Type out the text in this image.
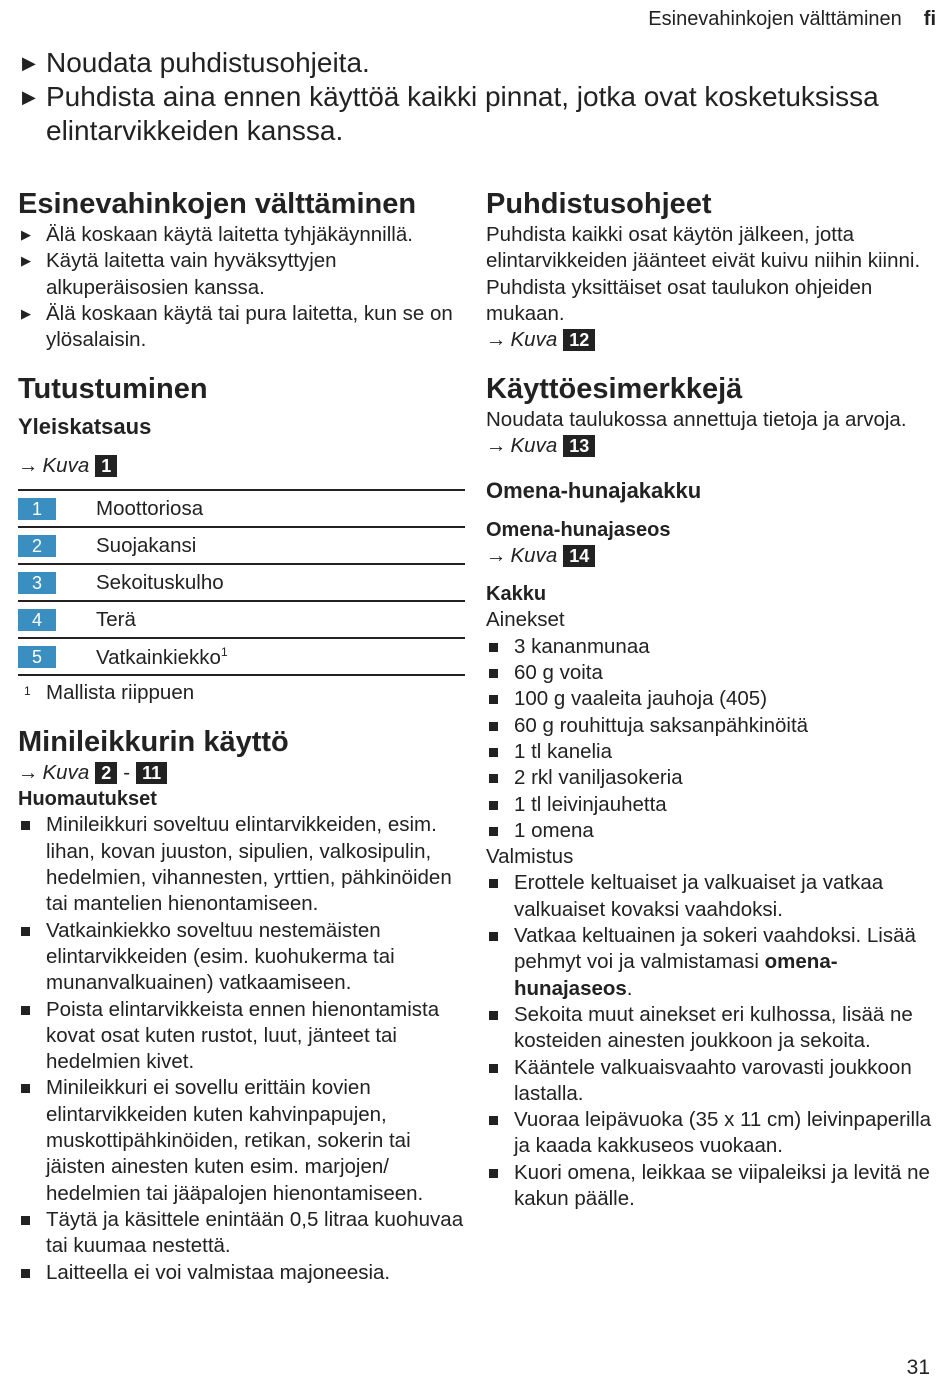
Esinevahinkojen välttäminen fi
▶ Noudata puhdistusohjeita.
▶ Puhdista aina ennen käyttöä kaikki pinnat, jotka ovat kosketuksissa elintarvikkeiden kanssa.
Esinevahinkojen välttäminen
▶ Älä koskaan käytä laitetta tyhjäkäynnillä.
▶ Käytä laitetta vain hyväksyttyjen alkuperäisosien kanssa.
▶ Älä koskaan käytä tai pura laitetta, kun se on ylösalaisin.
Tutustuminen
Yleiskatsaus
→ Kuva 1
1	Moottoriosa
2	Suojakansi
3	Sekoituskulho
4	Terä
5	Vatkainkiekko$^1$
1 Mallista riippuen
Minileikkurin käyttö
→ Kuva 2 - 11
Huomautukset
Minileikkuri soveltuu elintarvikkeiden, esim. lihan, kovan juuston, sipulien, valkosipulin, hedelmien, vihannesten, yrttien, pähkinöiden tai mantelien hienontamiseen.
Vatkainkiekko soveltuu nestemäisten elintarvikkeiden (esim. kuohukerma tai munanvalkuainen) vatkaamiseen.
Poista elintarvikkeista ennen hienontamista kovat osat kuten rustot, luut, jänteet tai hedelmien kivet.
Minileikkuri ei sovellu erittäin kovien elintarvikkeiden kuten kahvinpapujen, muskottipähkinöiden, retikan, sokerin tai jäisten ainesten kuten esim. marjojen/ hedelmien tai jääpalojen hienontamiseen.
Täytä ja käsittele enintään 0,5 litraa kuohuvaa tai kuumaa nestettä.
Laitteella ei voi valmistaa majoneesia.
Puhdistusohjeet

Puhdista kaikki osat käytön jälkeen, jotta elintarvikkeiden jäänteet eivät kuivu niihin kiinni.

Puhdista yksittäiset osat taulukon ohjeiden mukaan.

→ Kuva 12
Käyttöesimerkkejä

Noudata taulukossa annettuja tietoja ja arvoja.

→ Kuva 13
Omena-hunajakakku
Omena-hunajaseos
→ Kuva 14
Kakku

Ainekset

3 kananmunaa
60 g voita
100 g vaaleita jauhoja (405)
60 g rouhittuja saksanpähkinöitä
1 tl kanelia
2 rkl vaniljasokeria
1 tl leivinjauhetta
1 omena

Valmistus

Erottele keltuaiset ja valkuaiset ja vatkaa valkuaiset kovaksi vaahdoksi.
Vatkaa keltuainen ja sokeri vaahdoksi. Lisää pehmyt voi ja valmistamasi omena-hunajaseos.
Sekoita muut ainekset eri kulhossa, lisää ne kosteiden ainesten joukkoon ja sekoita.
Kääntele valkuaisvaahto varovasti joukkoon lastalla.
Vuoraa leipävuoka (35 x 11 cm) leivinpaperilla ja kaada kakkuseos vuokaan.
Kuori omena, leikkaa se viipaleiksi ja levitä ne kakun päälle.
31
